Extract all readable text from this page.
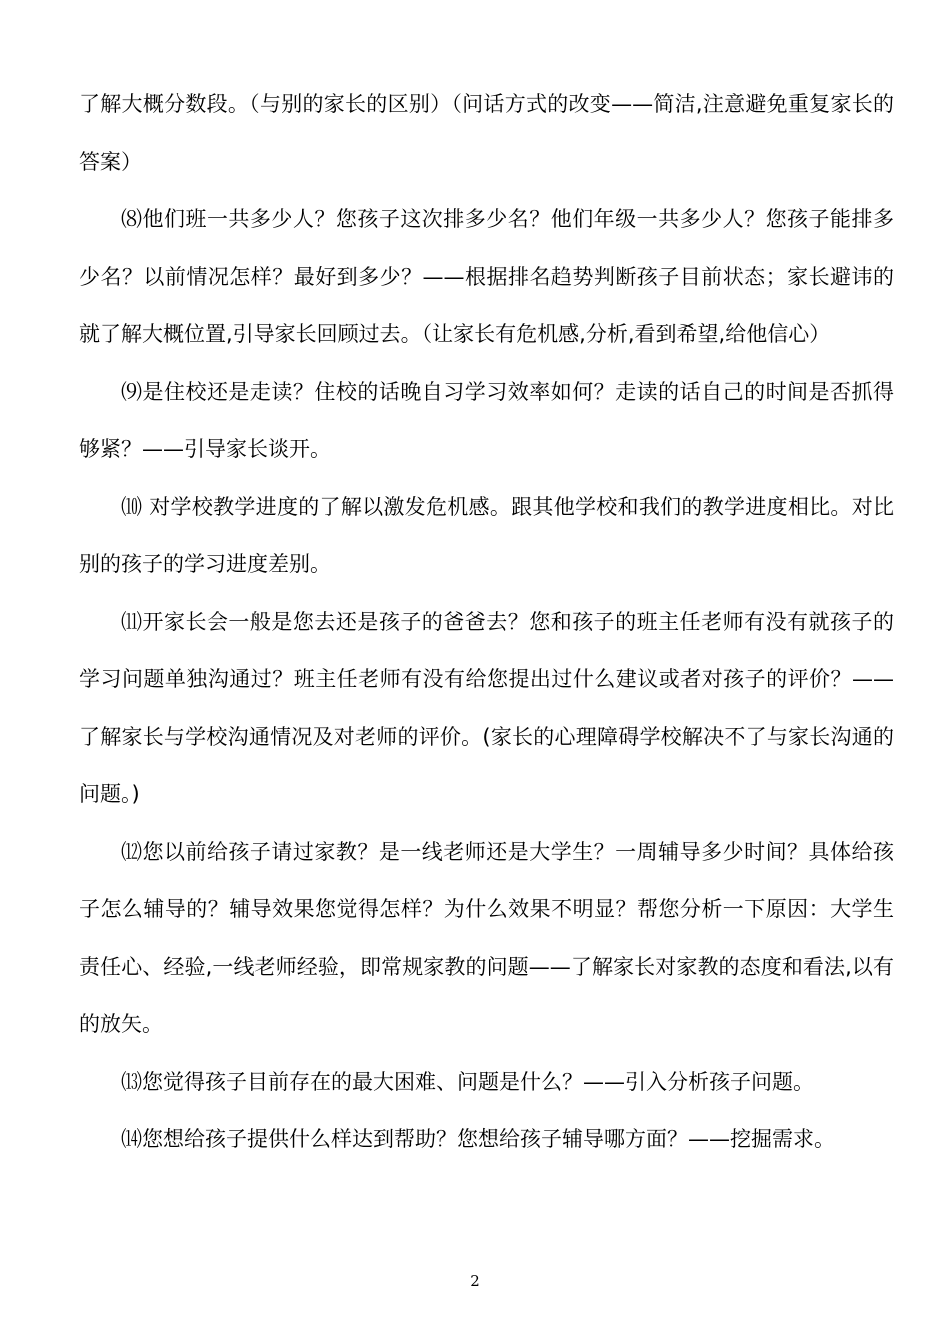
了解大概分数段。（与别的家长的区别）（问话方式的改变——简洁,注意避免重复家长的答案）

⑻他们班一共多少人？您孩子这次排多少名？他们年级一共多少人？您孩子能排多少名？以前情况怎样？最好到多少？——根据排名趋势判断孩子目前状态；家长避讳的就了解大概位置,引导家长回顾过去。（让家长有危机感,分析,看到希望,给他信心）

⑼是住校还是走读？住校的话晚自习学习效率如何？走读的话自己的时间是否抓得够紧？——引导家长谈开。

⑽ 对学校教学进度的了解以激发危机感。跟其他学校和我们的教学进度相比。对比别的孩子的学习进度差别。

⑾开家长会一般是您去还是孩子的爸爸去？您和孩子的班主任老师有没有就孩子的学习问题单独沟通过？班主任老师有没有给您提出过什么建议或者对孩子的评价？——了解家长与学校沟通情况及对老师的评价。(家长的心理障碍学校解决不了与家长沟通的问题。)

⑿您以前给孩子请过家教？是一线老师还是大学生？一周辅导多少时间？具体给孩子怎么辅导的？辅导效果您觉得怎样？为什么效果不明显？帮您分析一下原因：大学生责任心、经验,一线老师经验，即常规家教的问题——了解家长对家教的态度和看法,以有的放矢。

⒀您觉得孩子目前存在的最大困难、问题是什么？——引入分析孩子问题。

⒁您想给孩子提供什么样达到帮助？您想给孩子辅导哪方面？——挖掘需求。

2
